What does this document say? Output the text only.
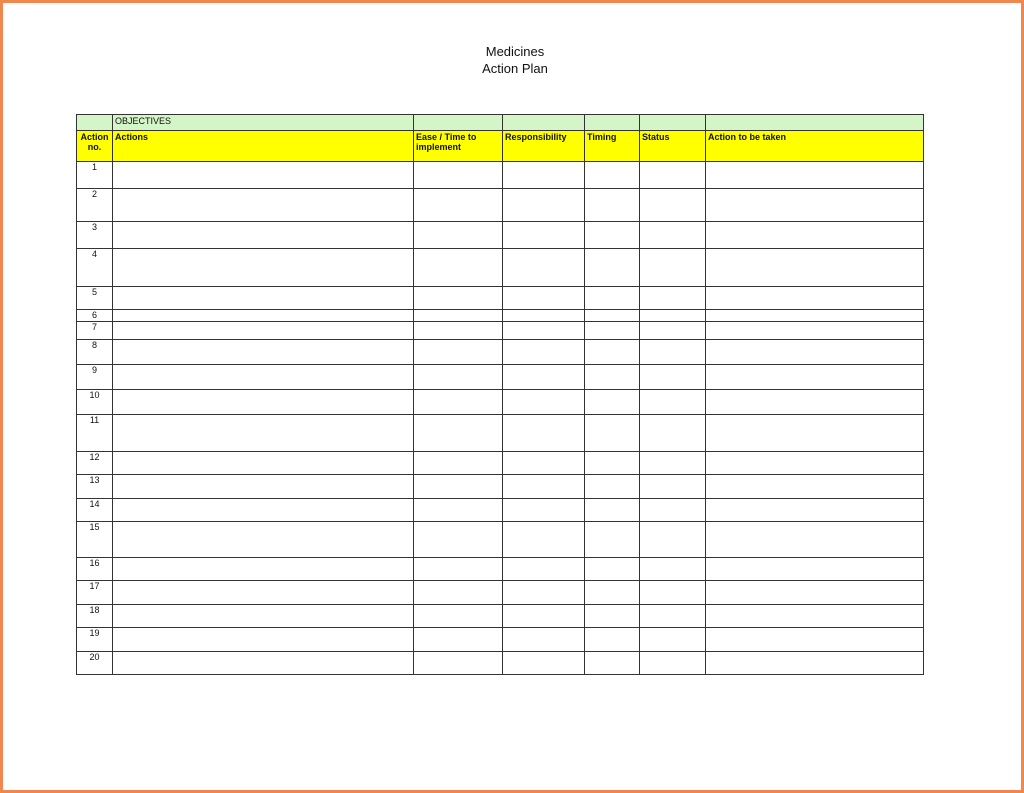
Medicines
Action Plan
	OBJECTIVES					
Action no.	Actions	Ease / Time to implement	Responsibility	Timing	Status	Action to be taken
1						
2						
3						
4						
5						
6						
7						
8						
9						
10						
11						
12						
13						
14						
15						
16						
17						
18						
19						
20						
